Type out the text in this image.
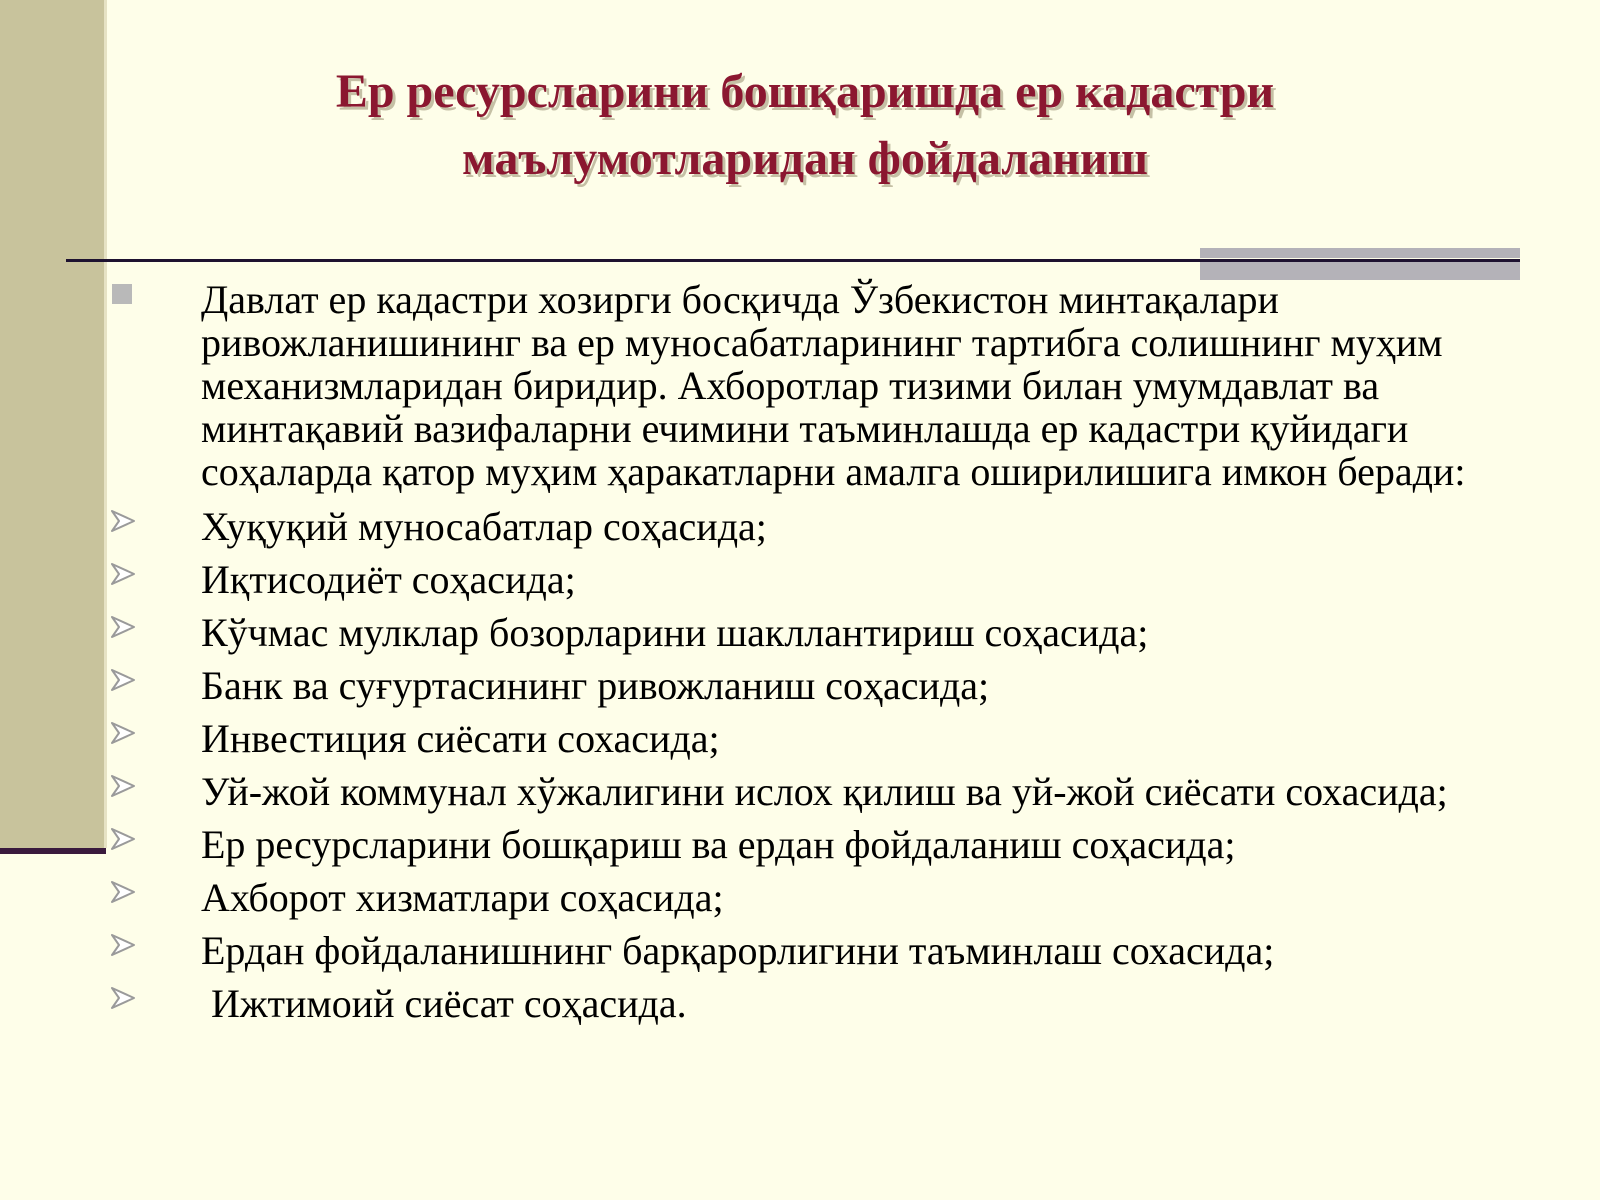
Ер ресурсларини бошқаришда ер кадастри
маълумотларидан фойдаланиш
Давлат ер кадастри хозирги босқичда Ўзбекистон минтақалари ривожланишининг ва ер муносабатларининг тартибга солишнинг муҳим механизмларидан биридир. Ахборотлар тизими билан умумдавлат ва минтақавий вазифаларни ечимини таъминлашда ер кадастри қуйидаги соҳаларда қатор муҳим ҳаракатларни амалга оширилишига имкон беради:
Хуқуқий муносабатлар соҳасида;
Иқтисодиёт соҳасида;
Кўчмас мулклар бозорларини шакллантириш соҳасида;
Банк ва суғуртасининг ривожланиш соҳасида;
Инвестиция сиёсати сохасида;
Уй-жой коммунал хўжалигини ислох қилиш ва уй-жой сиёсати сохасида;
Ер ресурсларини бошқариш ва ердан фойдаланиш соҳасида;
Ахборот хизматлари соҳасида;
Ердан фойдаланишнинг барқарорлигини таъминлаш сохасида;
Ижтимоий сиёсат соҳасида.
